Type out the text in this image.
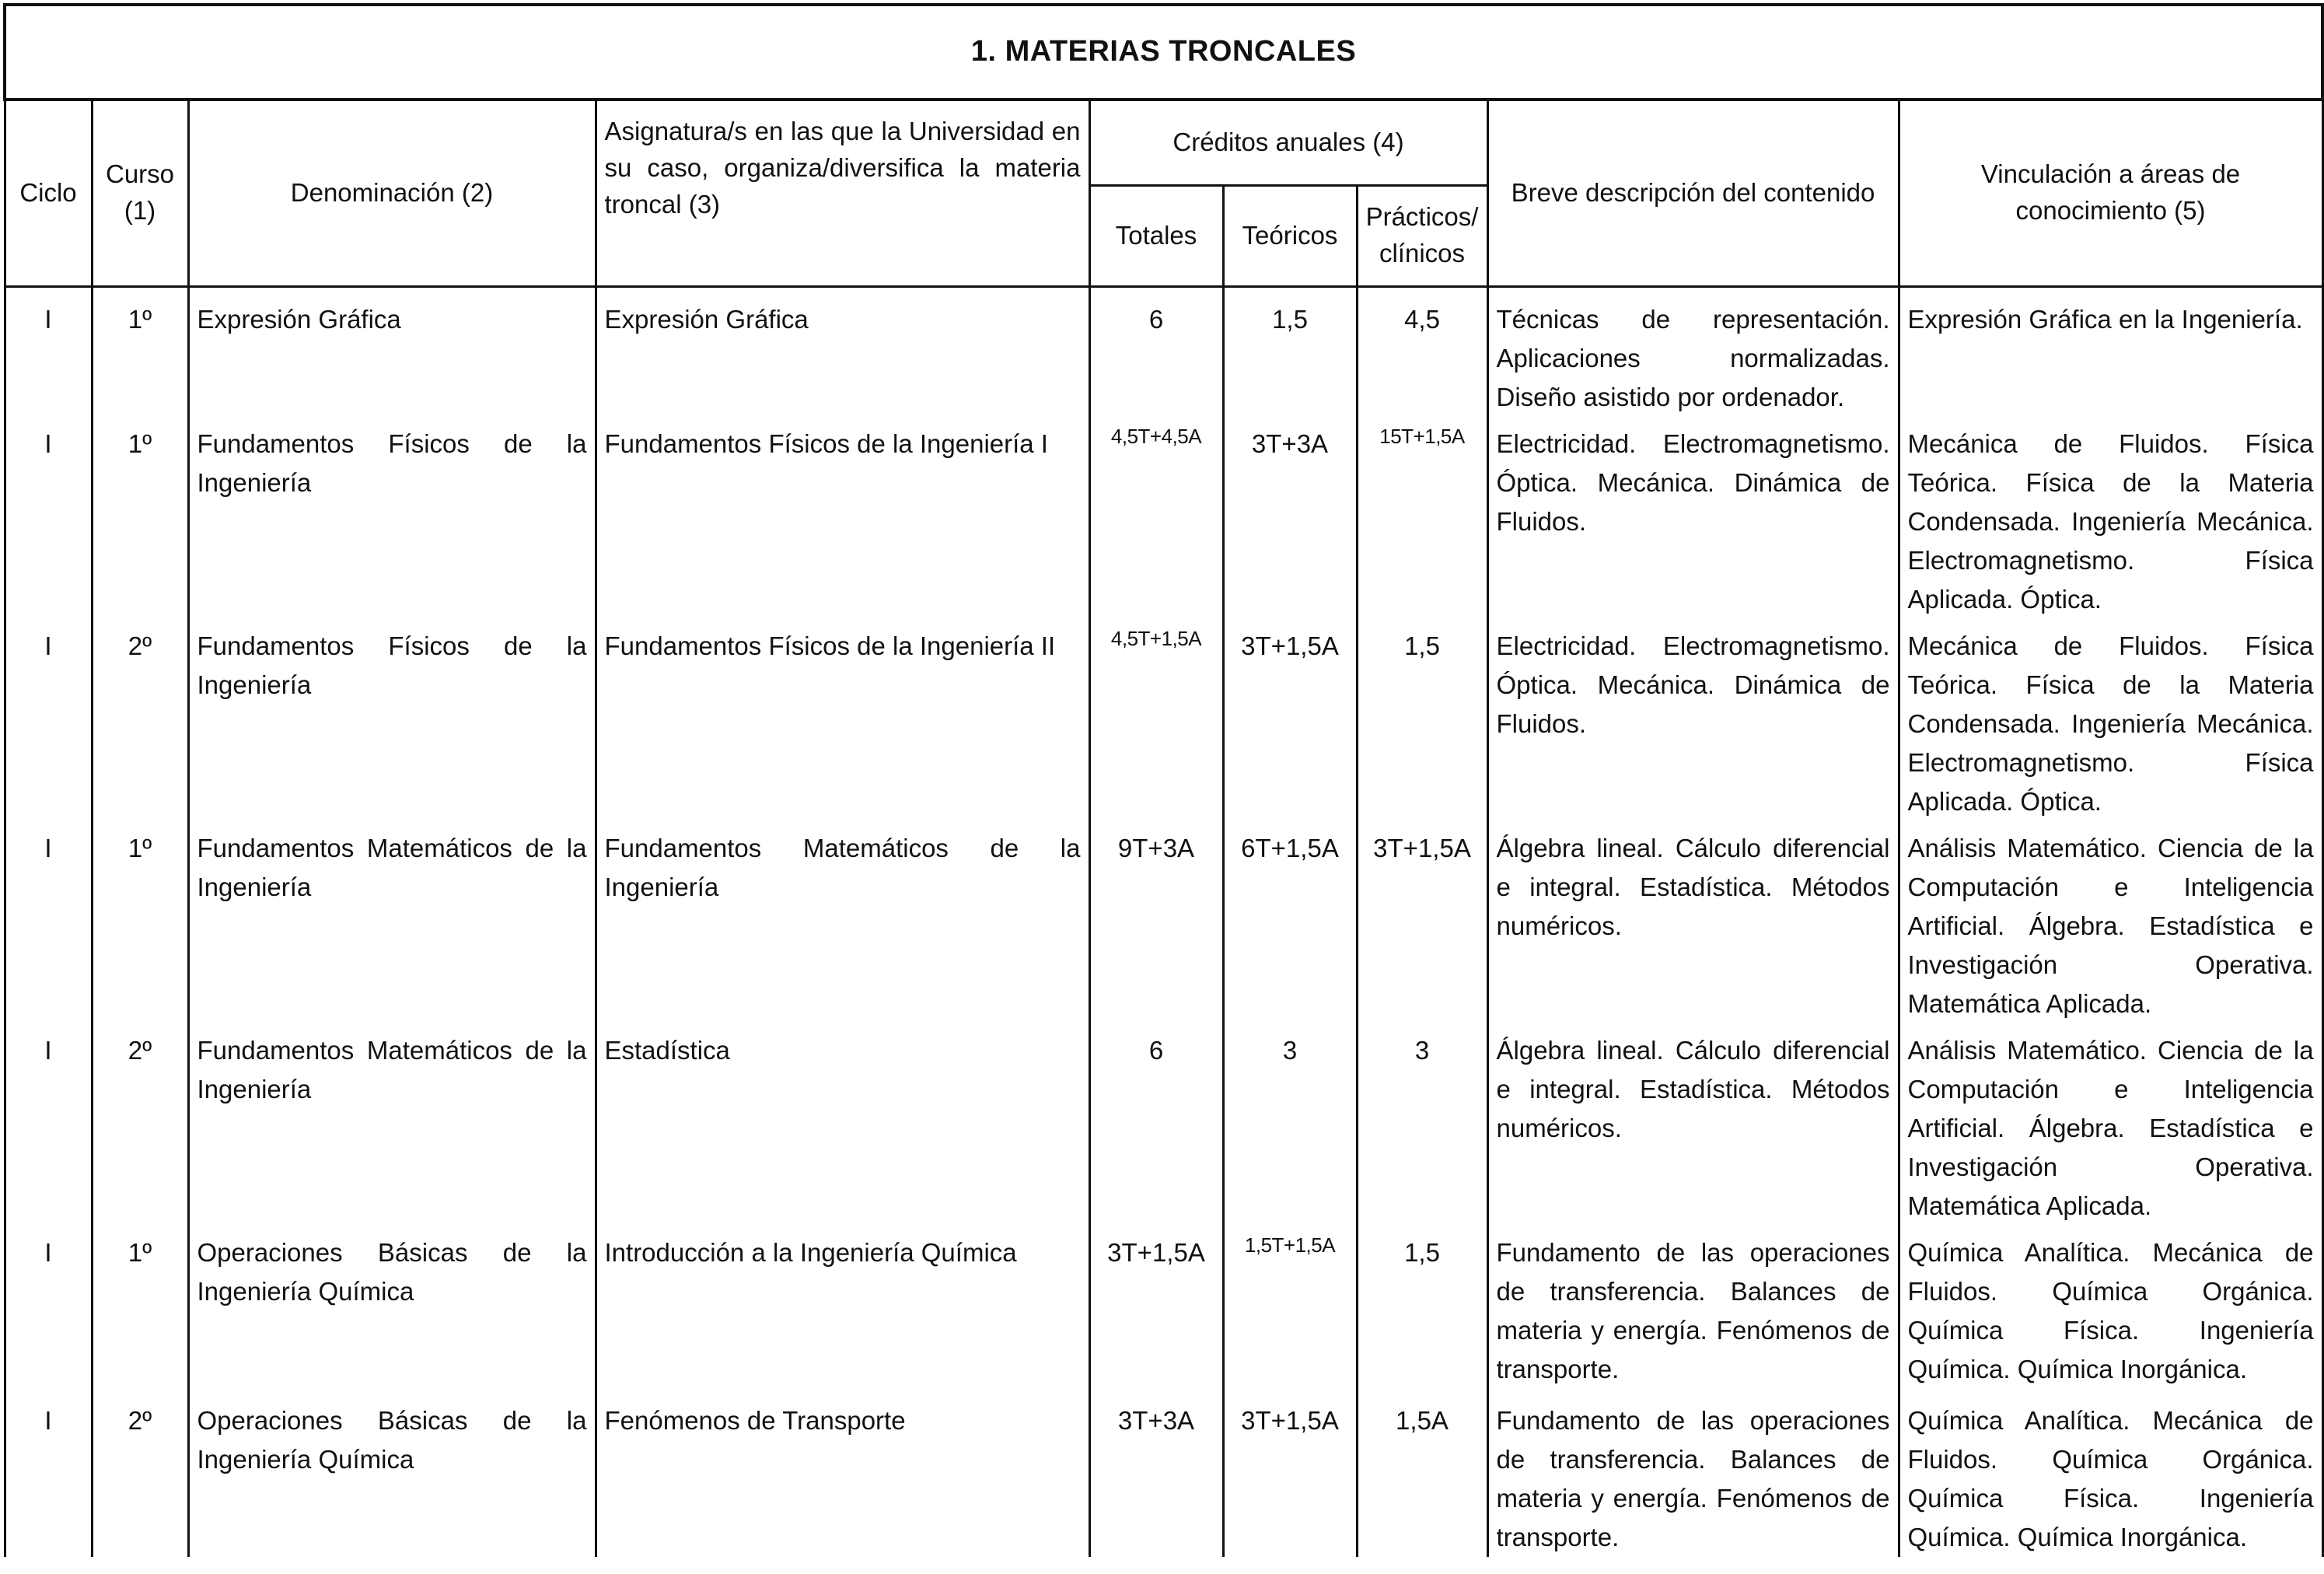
1. MATERIAS TRONCALES								
Ciclo	Curso (1)	Denominación (2)	Asignatura/s en las que la Universidad en su caso, organiza/diversifica la materia troncal (3)	Créditos anuales (4)			Breve descripción del contenido	Vinculación a áreas de conocimiento (5)
				Totales	Teóricos	Prácticos/ clínicos		
I	1º	Expresión Gráfica	Expresión Gráfica	6	1,5	4,5	Técnicas de representación. Aplicaciones normalizadas. Diseño asistido por ordenador.	Expresión Gráfica en la Ingeniería.
I	1º	Fundamentos Físicos de la Ingeniería	Fundamentos Físicos de la Ingeniería I	4,5T+4,5A	3T+3A	15T+1,5A	Electricidad. Electromagnetismo. Óptica. Mecánica. Dinámica de Fluidos.	Mecánica de Fluidos. Física Teórica. Física de la Materia Condensada. Ingeniería Mecánica. Electromagnetismo. Física Aplicada. Óptica.
I	2º	Fundamentos Físicos de la Ingeniería	Fundamentos Físicos de la Ingeniería II	4,5T+1,5A	3T+1,5A	1,5	Electricidad. Electromagnetismo. Óptica. Mecánica. Dinámica de Fluidos.	Mecánica de Fluidos. Física Teórica. Física de la Materia Condensada. Ingeniería Mecánica. Electromagnetismo. Física Aplicada. Óptica.
I	1º	Fundamentos Matemáticos de la Ingeniería	Fundamentos Matemáticos de la Ingeniería	9T+3A	6T+1,5A	3T+1,5A	Álgebra lineal. Cálculo diferencial e integral. Estadística. Métodos numéricos.	Análisis Matemático. Ciencia de la Computación e Inteligencia Artificial. Álgebra. Estadística e Investigación Operativa. Matemática Aplicada.
I	2º	Fundamentos Matemáticos de la Ingeniería	Estadística	6	3	3	Álgebra lineal. Cálculo diferencial e integral. Estadística. Métodos numéricos.	Análisis Matemático. Ciencia de la Computación e Inteligencia Artificial. Álgebra. Estadística e Investigación Operativa. Matemática Aplicada.
I	1º	Operaciones Básicas de la Ingeniería Química	Introducción a la Ingeniería Química	3T+1,5A	1,5T+1,5A	1,5	Fundamento de las operaciones de transferencia. Balances de materia y energía. Fenómenos de transporte.	Química Analítica. Mecánica de Fluidos. Química Orgánica. Química Física. Ingeniería Química. Química Inorgánica.
I	2º	Operaciones Básicas de la Ingeniería Química	Fenómenos de Transporte	3T+3A	3T+1,5A	1,5A	Fundamento de las operaciones de transferencia. Balances de materia y energía. Fenómenos de transporte.	Química Analítica. Mecánica de Fluidos. Química Orgánica. Química Física. Ingeniería Química. Química Inorgánica.
